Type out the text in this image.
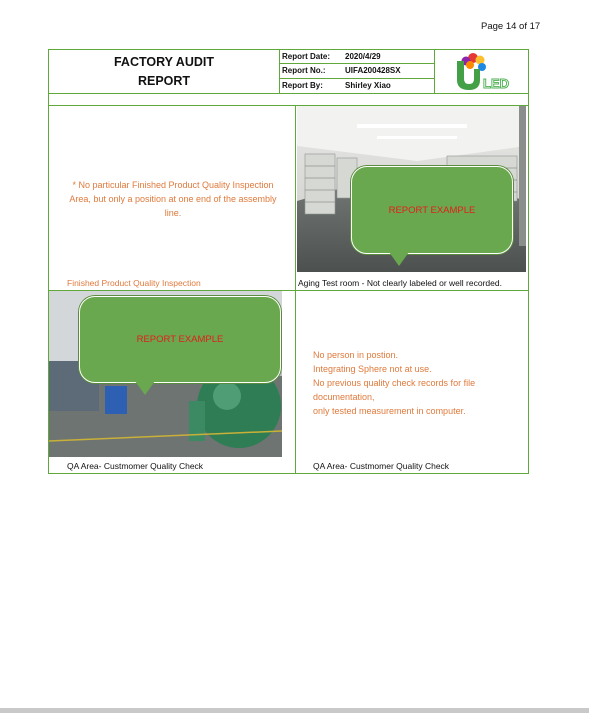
Page 14 of 17
FACTORY AUDIT
REPORT
Report Date:	2020/4/29
Report No.:	UIFA200428SX
Report By:	Shirley Xiao	LED
* No particular Finished Product Quality Inspection Area, but only a position at one end of the assembly line.
Finished Product Quality Inspection
REPORT EXAMPLE
Aging Test room - Not clearly labeled or well recorded.
REPORT EXAMPLE
QA Area- Custmomer Quality Check
No person in postion.
Integrating Sphere not at use.
No previous quality check records for file documentation,
only tested measurement in computer.
QA Area- Custmomer Quality Check
